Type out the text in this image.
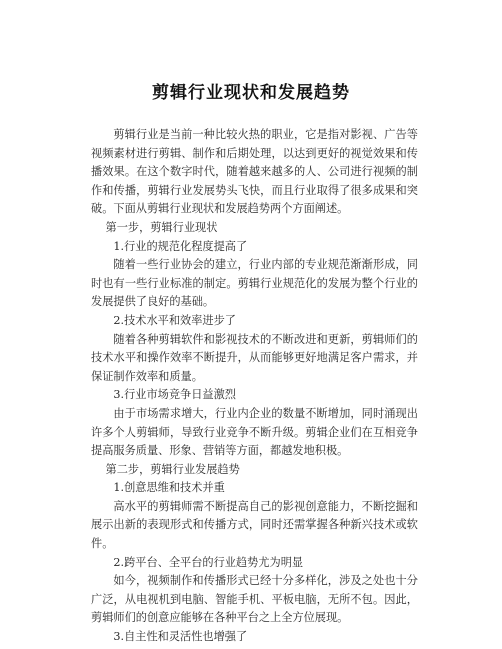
剪辑行业现状和发展趋势

剪辑行业是当前一种比较火热的职业，它是指对影视、广告等视频素材进行剪辑、制作和后期处理，以达到更好的视觉效果和传播效果。在这个数字时代，随着越来越多的人、公司进行视频的制作和传播，剪辑行业发展势头飞快，而且行业取得了很多成果和突破。下面从剪辑行业现状和发展趋势两个方面阐述。

第一步，剪辑行业现状

1.行业的规范化程度提高了

随着一些行业协会的建立，行业内部的专业规范渐渐形成，同时也有一些行业标准的制定。剪辑行业规范化的发展为整个行业的发展提供了良好的基础。

2.技术水平和效率进步了

随着各种剪辑软件和影视技术的不断改进和更新，剪辑师们的技术水平和操作效率不断提升，从而能够更好地满足客户需求，并保证制作效率和质量。

3.行业市场竞争日益激烈

由于市场需求增大，行业内企业的数量不断增加，同时涌现出许多个人剪辑师，导致行业竞争不断升级。剪辑企业们在互相竞争提高服务质量、形象、营销等方面，都越发地积极。

第二步，剪辑行业发展趋势

1.创意思维和技术并重

高水平的剪辑师需不断提高自己的影视创意能力，不断挖掘和展示出新的表现形式和传播方式，同时还需掌握各种新兴技术或软件。

2.跨平台、全平台的行业趋势尤为明显

如今，视频制作和传播形式已经十分多样化，涉及之处也十分广泛，从电视机到电脑、智能手机、平板电脑，无所不包。因此，剪辑师们的创意应能够在各种平台之上全方位展现。

3.自主性和灵活性也增强了
